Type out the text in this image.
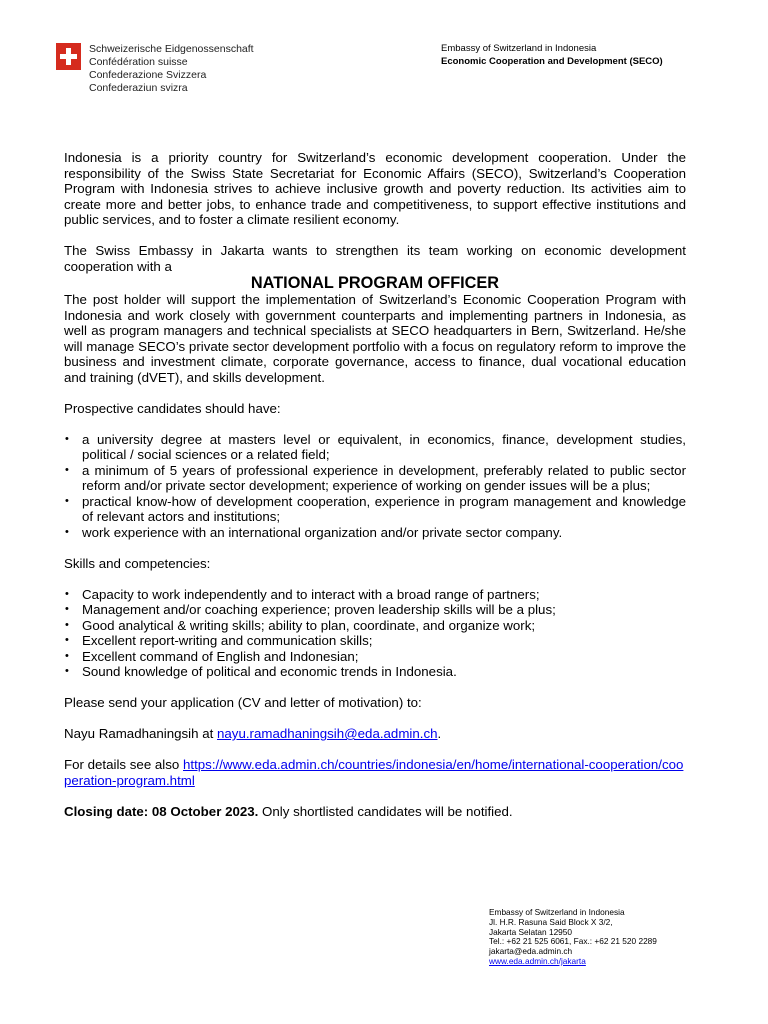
Schweizerische Eidgenossenschaft
Confédération suisse
Confederazione Svizzera
Confederaziun svizra
Embassy of Switzerland in Indonesia
Economic Cooperation and Development (SECO)

Indonesia is a priority country for Switzerland’s economic development cooperation. Under the responsibility of the Swiss State Secretariat for Economic Affairs (SECO), Switzerland’s Cooperation Program with Indonesia strives to achieve inclusive growth and poverty reduction. Its activities aim to create more and better jobs, to enhance trade and competitiveness, to support effective institutions and public services, and to foster a climate resilient economy.

The Swiss Embassy in Jakarta wants to strengthen its team working on economic development cooperation with a

NATIONAL PROGRAM OFFICER

The post holder will support the implementation of Switzerland’s Economic Cooperation Program with Indonesia and work closely with government counterparts and implementing partners in Indonesia, as well as program managers and technical specialists at SECO headquarters in Bern, Switzerland. He/she will manage SECO’s private sector development portfolio with a focus on regulatory reform to improve the business and investment climate, corporate governance, access to finance, dual vocational education and training (dVET), and skills development.

Prospective candidates should have:

• a university degree at masters level or equivalent, in economics, finance, development studies, political / social sciences or a related field;
• a minimum of 5 years of professional experience in development, preferably related to public sector reform and/or private sector development; experience of working on gender issues will be a plus;
• practical know-how of development cooperation, experience in program management and knowledge of relevant actors and institutions;
• work experience with an international organization and/or private sector company.

Skills and competencies:

• Capacity to work independently and to interact with a broad range of partners;
• Management and/or coaching experience; proven leadership skills will be a plus;
• Good analytical & writing skills; ability to plan, coordinate, and organize work;
• Excellent report-writing and communication skills;
• Excellent command of English and Indonesian;
• Sound knowledge of political and economic trends in Indonesia.

Please send your application (CV and letter of motivation) to:

Nayu Ramadhaningsih at nayu.ramadhaningsih@eda.admin.ch.

For details see also https://www.eda.admin.ch/countries/indonesia/en/home/international-cooperation/cooperation-program.html

Closing date: 08 October 2023. Only shortlisted candidates will be notified.

Embassy of Switzerland in Indonesia
Jl. H.R. Rasuna Said Block X 3/2,
Jakarta Selatan 12950
Tel.: +62 21 525 6061, Fax.: +62 21 520 2289
jakarta@eda.admin.ch
www.eda.admin.ch/jakarta
